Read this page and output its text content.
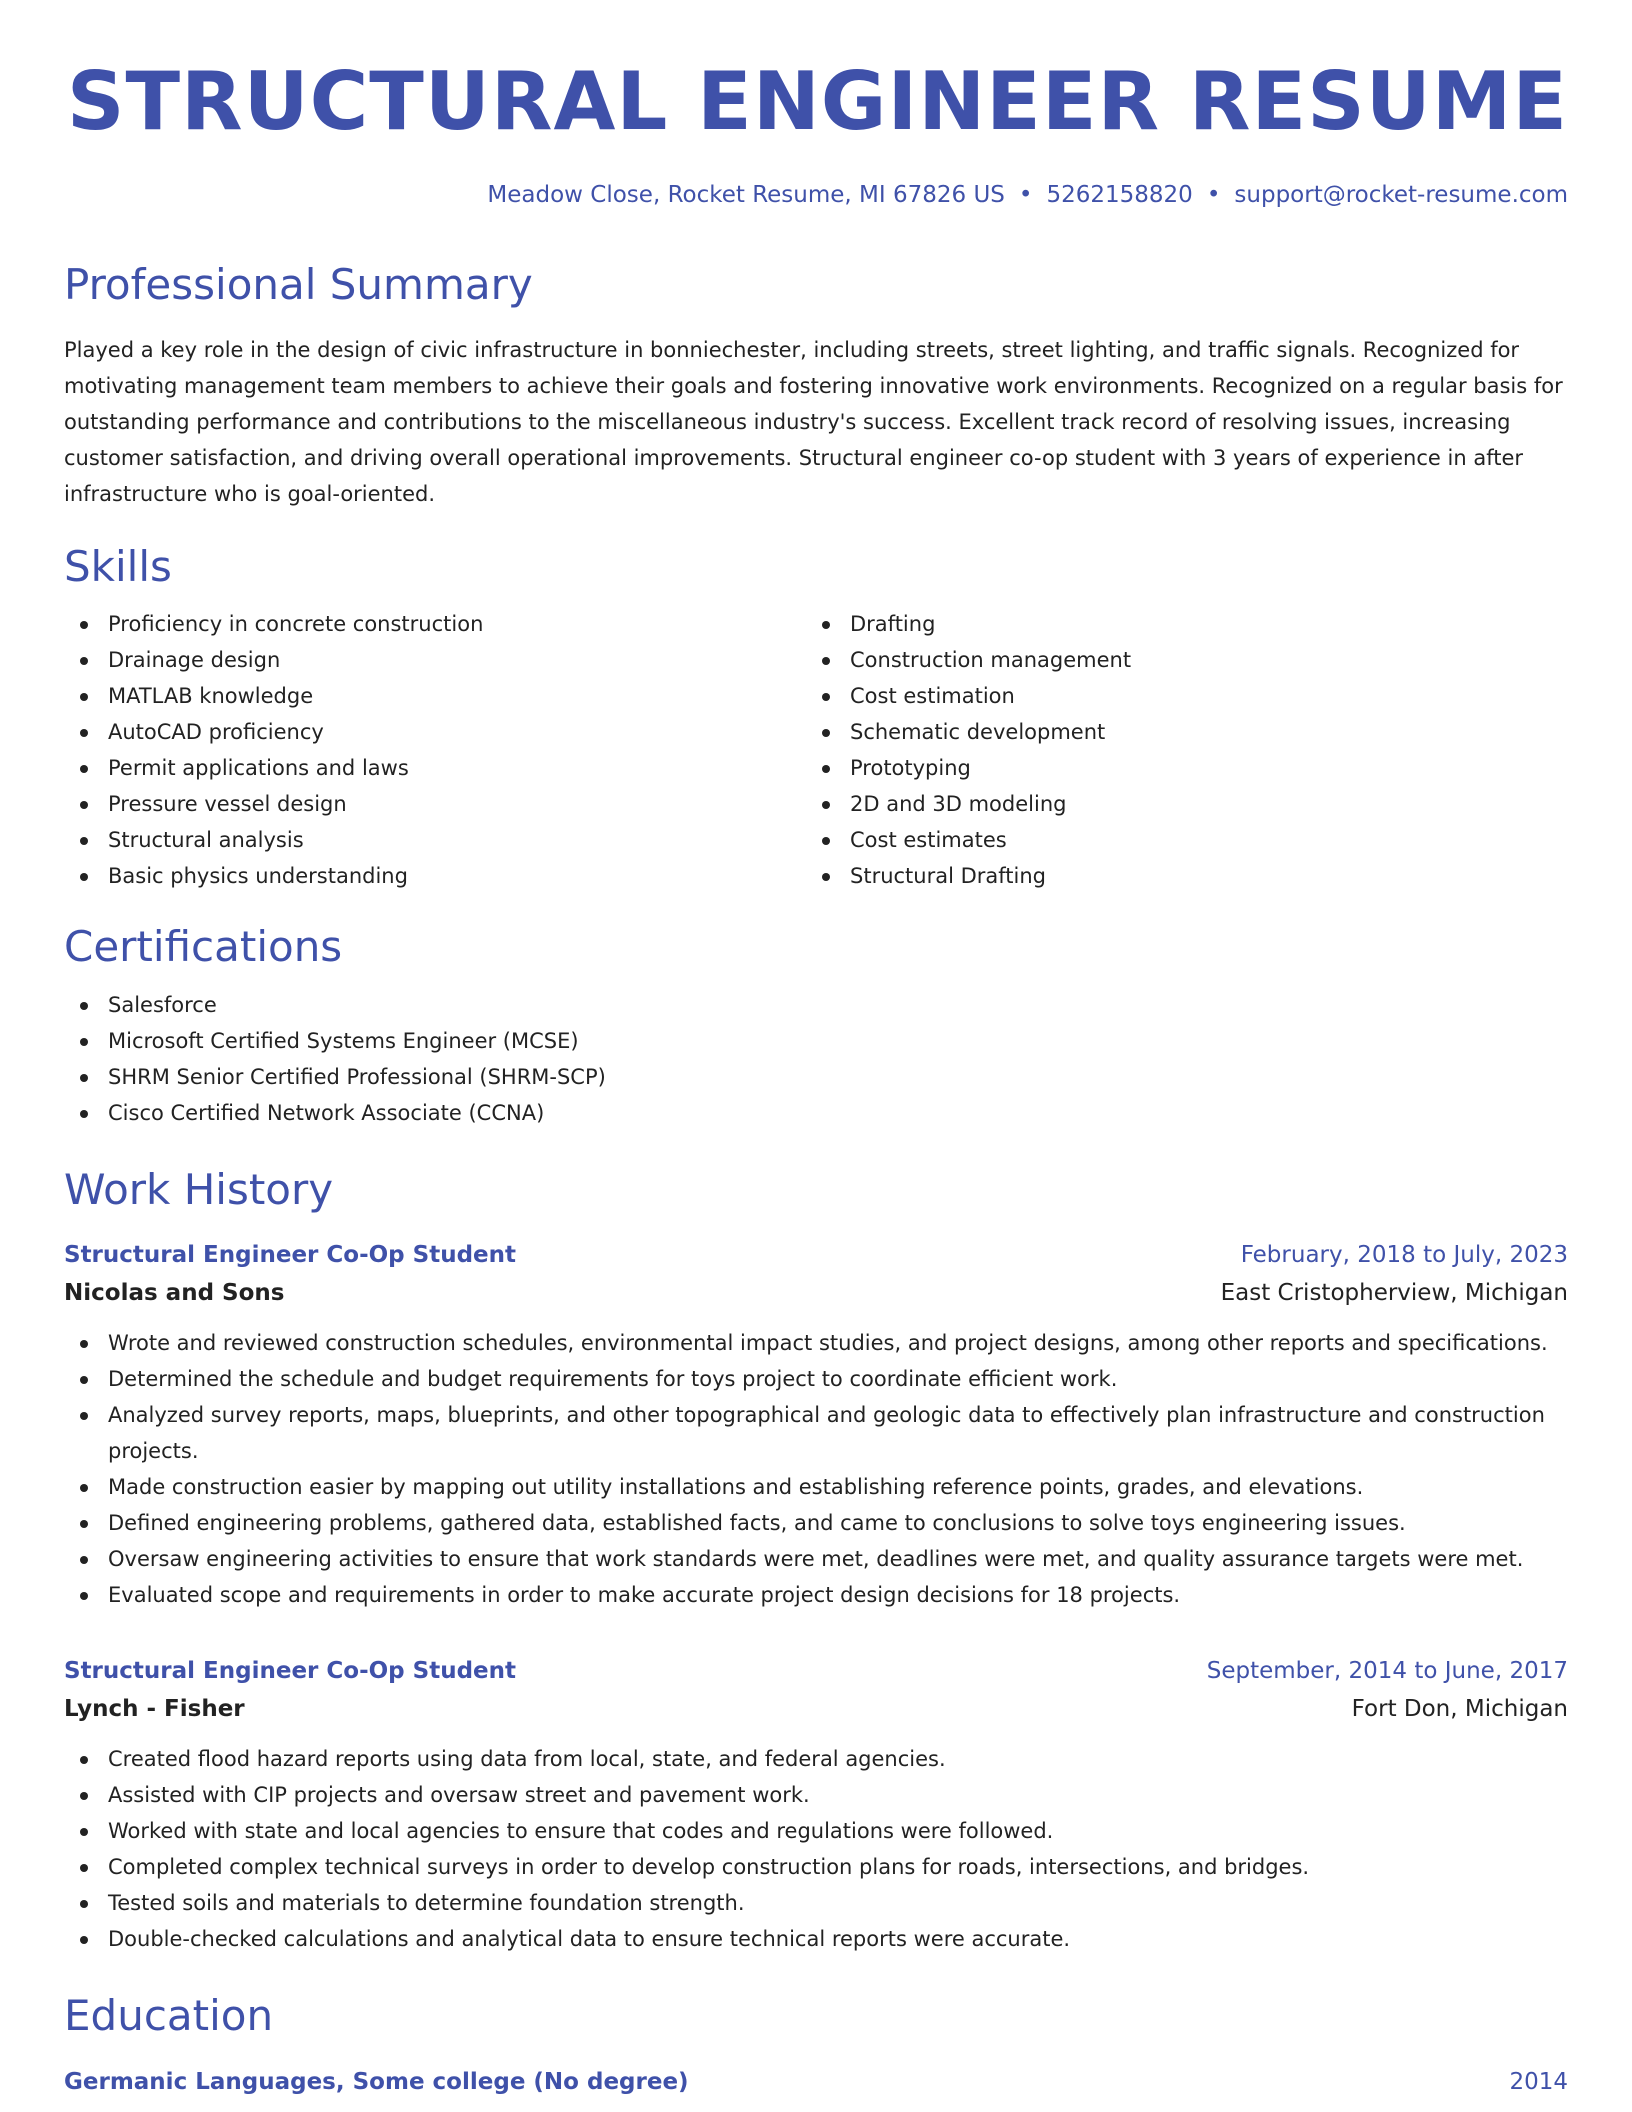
STRUCTURAL ENGINEER RESUME
Meadow Close, Rocket Resume, MI 67826 US • 5262158820 • support@rocket-resume.com
Professional Summary

Played a key role in the design of civic infrastructure in bonniechester, including streets, street lighting, and traffic signals. Recognized for motivating management team members to achieve their goals and fostering innovative work environments. Recognized on a regular basis for outstanding performance and contributions to the miscellaneous industry's success. Excellent track record of resolving issues, increasing customer satisfaction, and driving overall operational improvements. Structural engineer co-op student with 3 years of experience in after infrastructure who is goal-oriented.

Skills
Proficiency in concrete construction
Drainage design
MATLAB knowledge
AutoCAD proficiency
Permit applications and laws
Pressure vessel design
Structural analysis
Basic physics understanding
Drafting
Construction management
Cost estimation
Schematic development
Prototyping
2D and 3D modeling
Cost estimates
Structural Drafting
Certifications
Salesforce
Microsoft Certified Systems Engineer (MCSE)
SHRM Senior Certified Professional (SHRM-SCP)
Cisco Certified Network Associate (CCNA)
Work History
Structural Engineer Co-Op Student	February, 2018 to July, 2023
Nicolas and Sons	East Cristopherview, Michigan
Wrote and reviewed construction schedules, environmental impact studies, and project designs, among other reports and specifications.
Determined the schedule and budget requirements for toys project to coordinate efficient work.
Analyzed survey reports, maps, blueprints, and other topographical and geologic data to effectively plan infrastructure and construction projects.
Made construction easier by mapping out utility installations and establishing reference points, grades, and elevations.
Defined engineering problems, gathered data, established facts, and came to conclusions to solve toys engineering issues.
Oversaw engineering activities to ensure that work standards were met, deadlines were met, and quality assurance targets were met.
Evaluated scope and requirements in order to make accurate project design decisions for 18 projects.
Structural Engineer Co-Op Student	September, 2014 to June, 2017
Lynch - Fisher	Fort Don, Michigan
Created flood hazard reports using data from local, state, and federal agencies.
Assisted with CIP projects and oversaw street and pavement work.
Worked with state and local agencies to ensure that codes and regulations were followed.
Completed complex technical surveys in order to develop construction plans for roads, intersections, and bridges.
Tested soils and materials to determine foundation strength.
Double-checked calculations and analytical data to ensure technical reports were accurate.
Education
Germanic Languages, Some college (No degree)	2014
